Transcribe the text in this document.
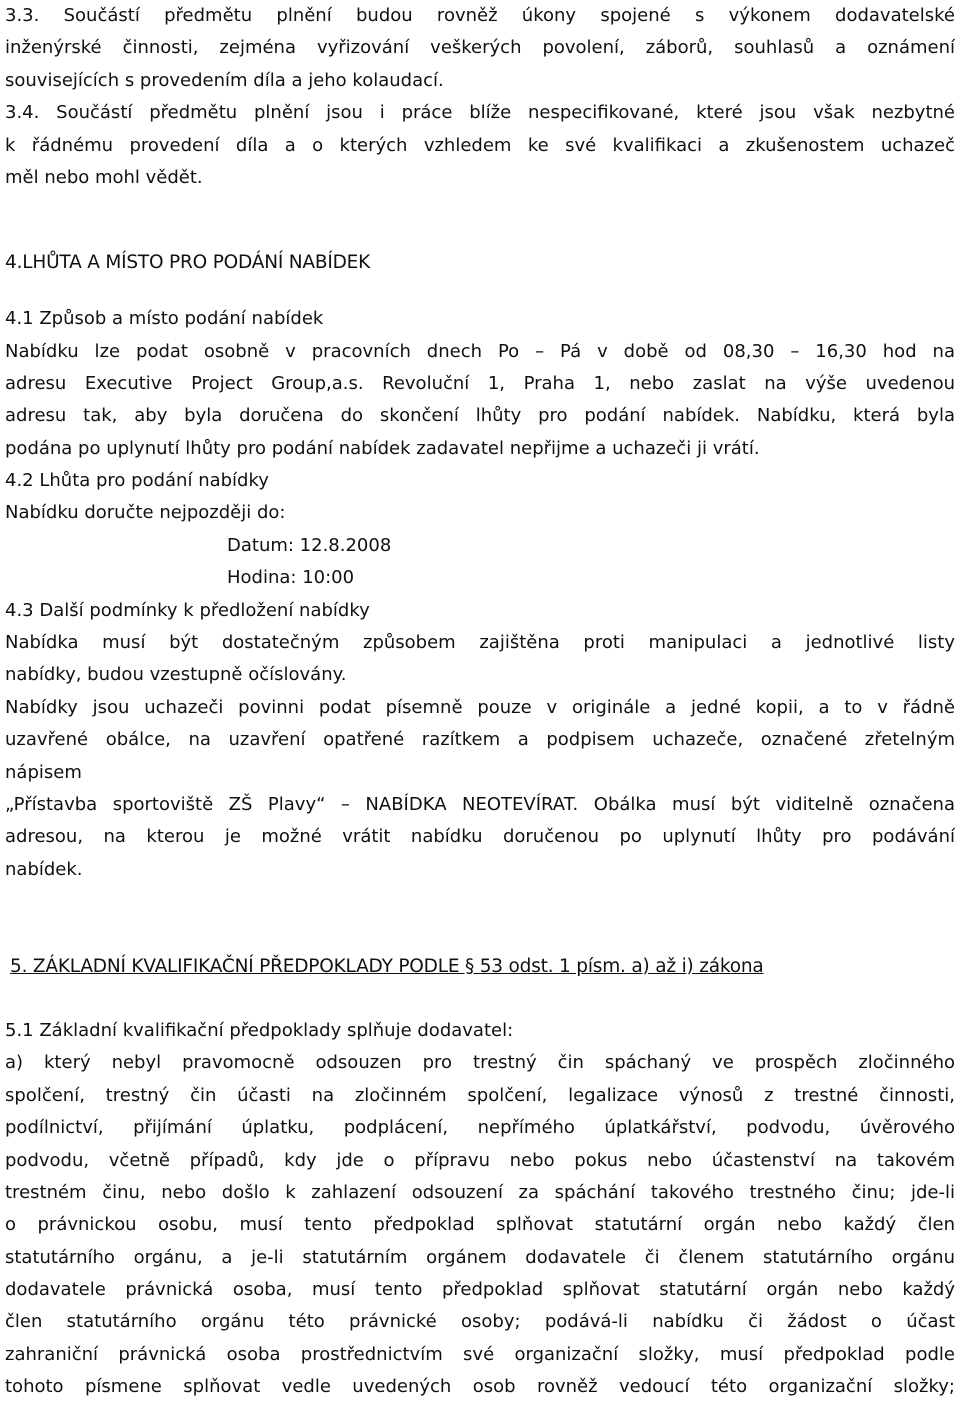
3.3. Součástí předmětu plnění budou rovněž úkony spojené s výkonem dodavatelské
inženýrské činnosti, zejména vyřizování veškerých povolení, záborů, souhlasů a oznámení
souvisejících s provedením díla a jeho kolaudací.
3.4. Součástí předmětu plnění jsou i práce blíže nespecifikované, které jsou však nezbytné
k řádnému provedení díla a o kterých vzhledem ke své kvalifikaci a zkušenostem uchazeč
měl nebo mohl vědět.
4.LHŮTA A MÍSTO PRO PODÁNÍ NABÍDEK
4.1 Způsob a místo podání nabídek
Nabídku lze podat osobně v pracovních dnech Po – Pá v době od 08,30 – 16,30 hod na
adresu Executive Project Group,a.s. Revoluční 1, Praha 1, nebo zaslat na výše uvedenou
adresu tak, aby byla doručena do skončení lhůty pro podání nabídek. Nabídku, která byla
podána po uplynutí lhůty pro podání nabídek zadavatel nepřijme a uchazeči ji vrátí.
4.2 Lhůta pro podání nabídky
Nabídku doručte nejpozději do:
Datum: 12.8.2008
Hodina: 10:00
4.3 Další podmínky k předložení nabídky
Nabídka musí být dostatečným způsobem zajištěna proti manipulaci a jednotlivé listy
nabídky, budou vzestupně očíslovány.
Nabídky jsou uchazeči povinni podat písemně pouze v originále a jedné kopii, a to v řádně
uzavřené obálce, na uzavření opatřené razítkem a podpisem uchazeče, označené zřetelným
nápisem
„Přístavba sportoviště ZŠ Plavy“ – NABÍDKA NEOTEVÍRAT. Obálka musí být viditelně označena
adresou, na kterou je možné vrátit nabídku doručenou po uplynutí lhůty pro podávání
nabídek.
5. ZÁKLADNÍ KVALIFIKAČNÍ PŘEDPOKLADY PODLE § 53 odst. 1 písm. a) až i) zákona
5.1 Základní kvalifikační předpoklady splňuje dodavatel:
a) který nebyl pravomocně odsouzen pro trestný čin spáchaný ve prospěch zločinného
spolčení, trestný čin účasti na zločinném spolčení, legalizace výnosů z trestné činnosti,
podílnictví, přijímání úplatku, podplácení, nepřímého úplatkářství, podvodu, úvěrového
podvodu, včetně případů, kdy jde o přípravu nebo pokus nebo účastenství na takovém
trestném činu, nebo došlo k zahlazení odsouzení za spáchání takového trestného činu; jde-li
o právnickou osobu, musí tento předpoklad splňovat statutární orgán nebo každý člen
statutárního orgánu, a je-li statutárním orgánem dodavatele či členem statutárního orgánu
dodavatele právnická osoba, musí tento předpoklad splňovat statutární orgán nebo každý
člen statutárního orgánu této právnické osoby; podává-li nabídku či žádost o účast
zahraniční právnická osoba prostřednictvím své organizační složky, musí předpoklad podle
tohoto písmene splňovat vedle uvedených osob rovněž vedoucí této organizační složky;
